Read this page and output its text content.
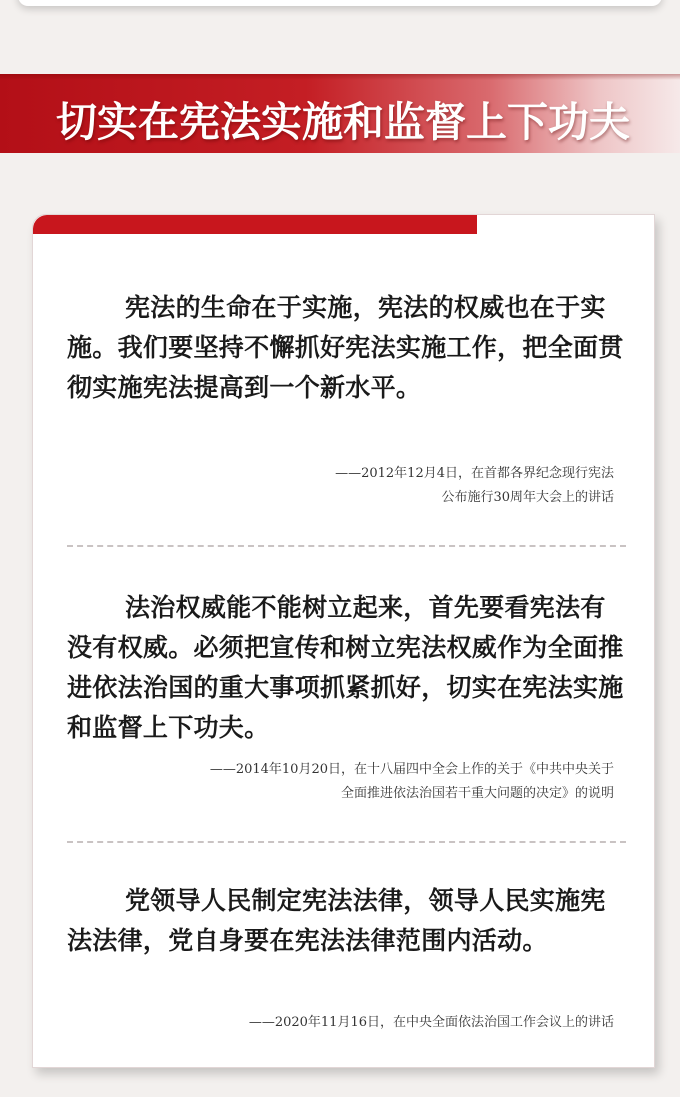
切实在宪法实施和监督上下功夫

宪法的生命在于实施，宪法的权威也在于实施。我们要坚持不懈抓好宪法实施工作，把全面贯彻实施宪法提高到一个新水平。

——2012年12月4日，在首都各界纪念现行宪法
公布施行30周年大会上的讲话

法治权威能不能树立起来，首先要看宪法有没有权威。必须把宣传和树立宪法权威作为全面推进依法治国的重大事项抓紧抓好，切实在宪法实施和监督上下功夫。

——2014年10月20日，在十八届四中全会上作的关于《中共中央关于
全面推进依法治国若干重大问题的决定》的说明

党领导人民制定宪法法律，领导人民实施宪法法律，党自身要在宪法法律范围内活动。

——2020年11月16日，在中央全面依法治国工作会议上的讲话
